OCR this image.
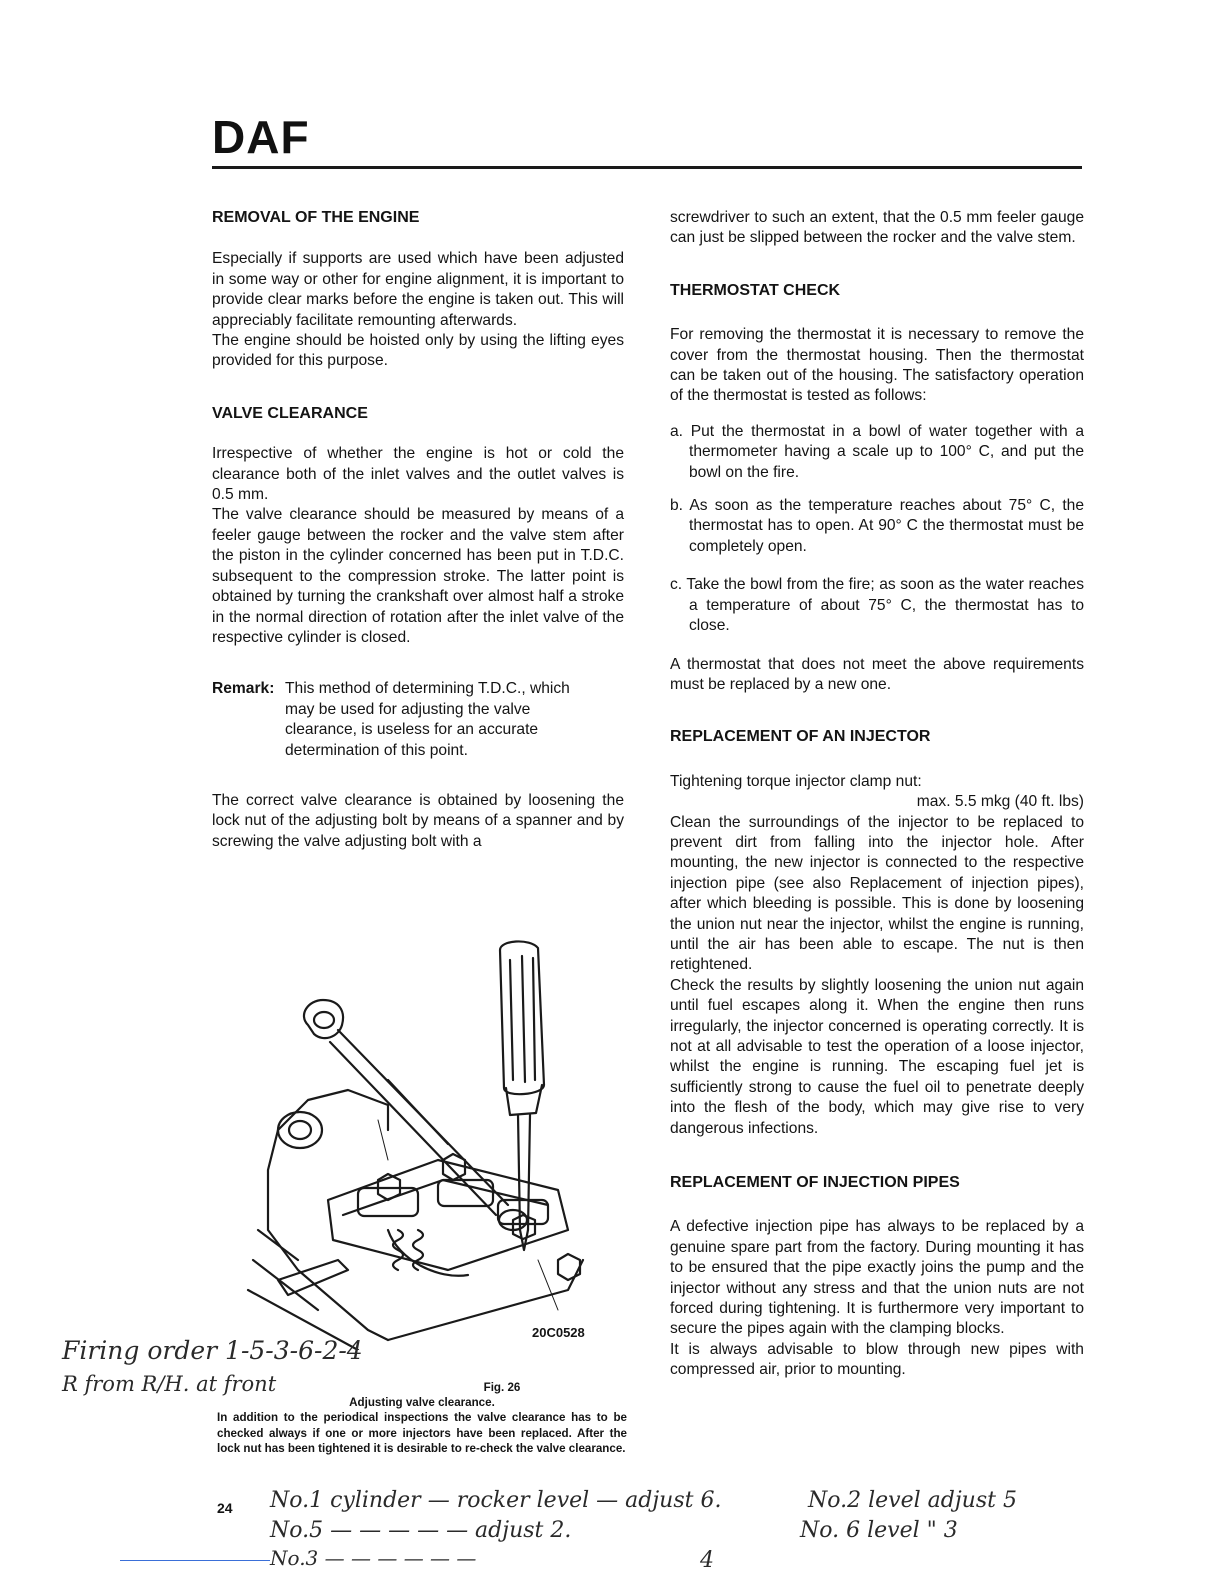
DAF

REMOVAL OF THE ENGINE

Especially if supports are used which have been adjusted in some way or other for engine alignment, it is important to provide clear marks before the engine is taken out. This will appreciably facilitate remounting afterwards.

The engine should be hoisted only by using the lifting eyes provided for this purpose.

VALVE CLEARANCE

Irrespective of whether the engine is hot or cold the clearance both of the inlet valves and the outlet valves is 0.5 mm.

The valve clearance should be measured by means of a feeler gauge between the rocker and the valve stem after the piston in the cylinder concerned has been put in T.D.C. subsequent to the compression stroke. The latter point is obtained by turning the crankshaft over almost half a stroke in the normal direction of rotation after the inlet valve of the respective cylinder is closed.

Remark: This method of determining T.D.C., which may be used for adjusting the valve clearance, is useless for an accurate determination of this point.

The correct valve clearance is obtained by loosening the lock nut of the adjusting bolt by means of a spanner and by screwing the valve adjusting bolt with a

20C0528
Fig. 26
Adjusting valve clearance.
In addition to the periodical inspections the valve clearance has to be checked always if one or more injectors have been replaced. After the lock nut has been tightened it is desirable to re-check the valve clearance.

screwdriver to such an extent, that the 0.5 mm feeler gauge can just be slipped between the rocker and the valve stem.

THERMOSTAT CHECK

For removing the thermostat it is necessary to remove the cover from the thermostat housing. Then the thermostat can be taken out of the housing. The satisfactory operation of the thermostat is tested as follows:

a. Put the thermostat in a bowl of water together with a thermometer having a scale up to 100° C, and put the bowl on the fire.

b. As soon as the temperature reaches about 75° C, the thermostat has to open. At 90° C the thermostat must be completely open.

c. Take the bowl from the fire; as soon as the water reaches a temperature of about 75° C, the thermostat has to close.

A thermostat that does not meet the above requirements must be replaced by a new one.

REPLACEMENT OF AN INJECTOR

Tightening torque injector clamp nut:

max. 5.5 mkg (40 ft. lbs)

Clean the surroundings of the injector to be replaced to prevent dirt from falling into the injector hole. After mounting, the new injector is connected to the respective injection pipe (see also Replacement of injection pipes), after which bleeding is possible. This is done by loosening the union nut near the injector, whilst the engine is running, until the air has been able to escape. The nut is then retightened.

Check the results by slightly loosening the union nut again until fuel escapes along it. When the engine then runs irregularly, the injector concerned is operating correctly. It is not at all advisable to test the operation of a loose injector, whilst the engine is running. The escaping fuel jet is sufficiently strong to cause the fuel oil to penetrate deeply into the flesh of the body, which may give rise to very dangerous infections.

REPLACEMENT OF INJECTION PIPES

A defective injection pipe has always to be replaced by a genuine spare part from the factory. During mounting it has to be ensured that the pipe exactly joins the pump and the injector without any stress and that the union nuts are not forced during tightening. It is furthermore very important to secure the pipes again with the clamping blocks.

It is always advisable to blow through new pipes with compressed air, prior to mounting.

24
Firing order 1-5-3-6-2-4
R from R/H. at front
No.1 cylinder — rocker level — adjust 6.	No.2 level adjust 5
No.5 — — — — — adjust 2.	No. 6 level " 3
No.3 — — — — — —	4
